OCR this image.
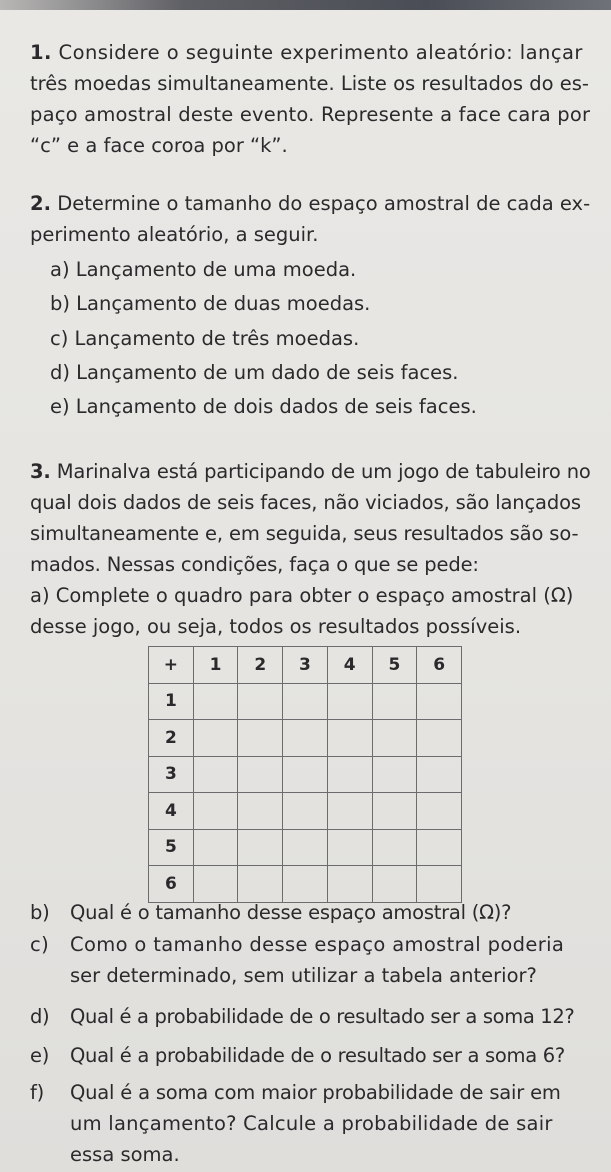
1. Considere o seguinte experimento aleatório: lançar
três moedas simultaneamente. Liste os resultados do es-
paço amostral deste evento. Represente a face cara por
“c” e a face coroa por “k”.
2. Determine o tamanho do espaço amostral de cada ex-
perimento aleatório, a seguir.
a) Lançamento de uma moeda.
b) Lançamento de duas moedas.
c) Lançamento de três moedas.
d) Lançamento de um dado de seis faces.
e) Lançamento de dois dados de seis faces.
3. Marinalva está participando de um jogo de tabuleiro no
qual dois dados de seis faces, não viciados, são lançados
simultaneamente e, em seguida, seus resultados são so-
mados. Nessas condições, faça o que se pede:
a) Complete o quadro para obter o espaço amostral (Ω)
desse jogo, ou seja, todos os resultados possíveis.
+	1	2	3	4	5	6
1						
2						
3						
4						
5						
6						
b) Qual é o tamanho desse espaço amostral (Ω)?
c) Como o tamanho desse espaço amostral poderia
ser determinado, sem utilizar a tabela anterior?
d) Qual é a probabilidade de o resultado ser a soma 12?
e) Qual é a probabilidade de o resultado ser a soma 6?
f) Qual é a soma com maior probabilidade de sair em
um lançamento? Calcule a probabilidade de sair
essa soma.
